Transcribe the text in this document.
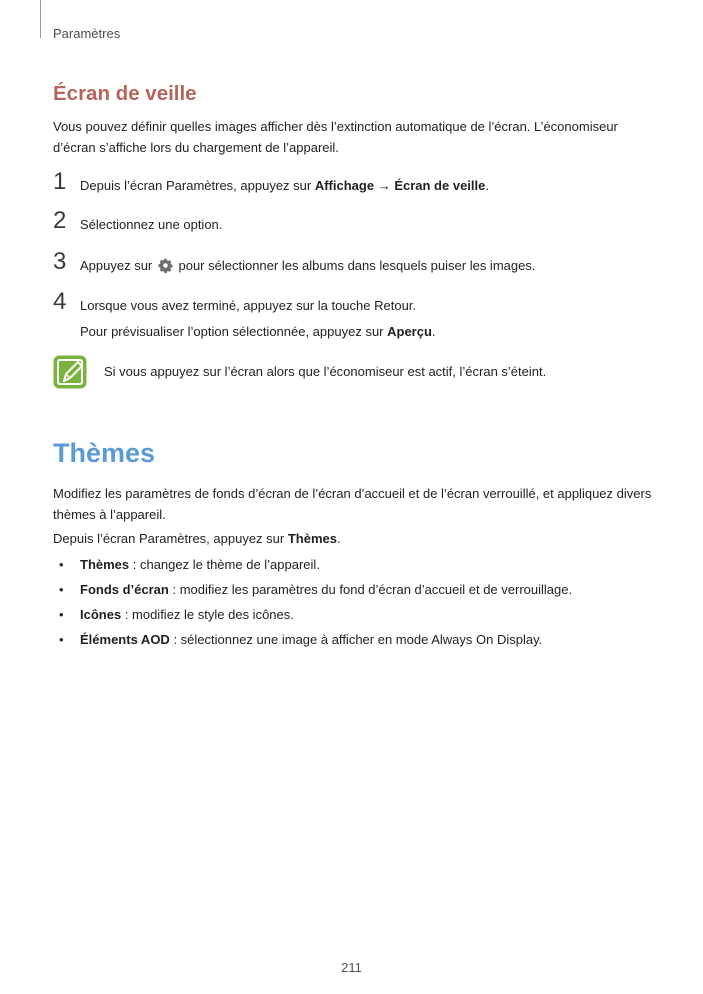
Paramètres
Écran de veille

Vous pouvez définir quelles images afficher dès l’extinction automatique de l’écran. L’économiseur d’écran s’affiche lors du chargement de l’appareil.

1	Depuis l’écran Paramètres, appuyez sur Affichage → Écran de veille.
2	Sélectionnez une option.
3	Appuyez sur  pour sélectionner les albums dans lesquels puiser les images.
4	Lorsque vous avez terminé, appuyez sur la touche Retour.
Pour prévisualiser l’option sélectionnée, appuyez sur Aperçu.
Si vous appuyez sur l’écran alors que l’économiseur est actif, l’écran s’éteint.
Thèmes

Modifiez les paramètres de fonds d’écran de l’écran d’accueil et de l’écran verrouillé, et appliquez divers thèmes à l’appareil.

Depuis l’écran Paramètres, appuyez sur Thèmes.

• Thèmes : changez le thème de l’appareil.
• Fonds d’écran : modifiez les paramètres du fond d’écran d’accueil et de verrouillage.
• Icônes : modifiez le style des icônes.
• Éléments AOD : sélectionnez une image à afficher en mode Always On Display.
211
